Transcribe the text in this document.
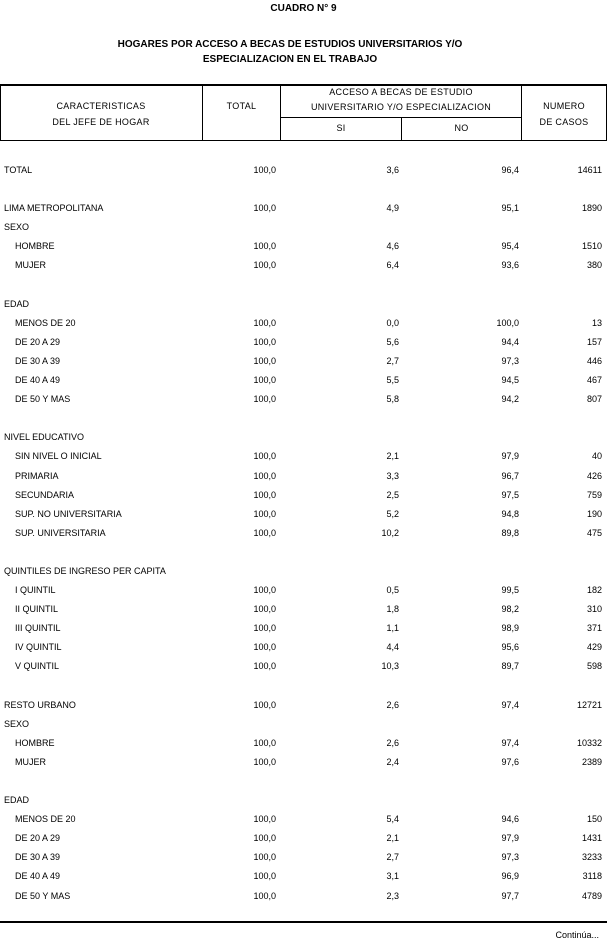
CUADRO N° 9
HOGARES POR ACCESO A BECAS DE ESTUDIOS UNIVERSITARIOS Y/O
ESPECIALIZACION EN EL TRABAJO
CARACTERISTICAS
DEL JEFE DE HOGAR
TOTAL
ACCESO A BECAS DE ESTUDIO
UNIVERSITARIO Y/O ESPECIALIZACION
SI	NO
NUMERO
DE CASOS
TOTAL	100,0	3,6	96,4	14611
LIMA METROPOLITANA	100,0	4,9	95,1	1890
SEXO
HOMBRE	100,0	4,6	95,4	1510
MUJER	100,0	6,4	93,6	380
EDAD
MENOS DE 20	100,0	0,0	100,0	13
DE 20 A 29	100,0	5,6	94,4	157
DE 30 A 39	100,0	2,7	97,3	446
DE 40 A 49	100,0	5,5	94,5	467
DE 50 Y MAS	100,0	5,8	94,2	807
NIVEL EDUCATIVO
SIN NIVEL O INICIAL	100,0	2,1	97,9	40
PRIMARIA	100,0	3,3	96,7	426
SECUNDARIA	100,0	2,5	97,5	759
SUP. NO UNIVERSITARIA	100,0	5,2	94,8	190
SUP. UNIVERSITARIA	100,0	10,2	89,8	475
QUINTILES DE INGRESO PER CAPITA
I QUINTIL	100,0	0,5	99,5	182
II QUINTIL	100,0	1,8	98,2	310
III QUINTIL	100,0	1,1	98,9	371
IV QUINTIL	100,0	4,4	95,6	429
V QUINTIL	100,0	10,3	89,7	598
RESTO URBANO	100,0	2,6	97,4	12721
SEXO
HOMBRE	100,0	2,6	97,4	10332
MUJER	100,0	2,4	97,6	2389
EDAD
MENOS DE 20	100,0	5,4	94,6	150
DE 20 A 29	100,0	2,1	97,9	1431
DE 30 A 39	100,0	2,7	97,3	3233
DE 40 A 49	100,0	3,1	96,9	3118
DE 50 Y MAS	100,0	2,3	97,7	4789
Continúa...
